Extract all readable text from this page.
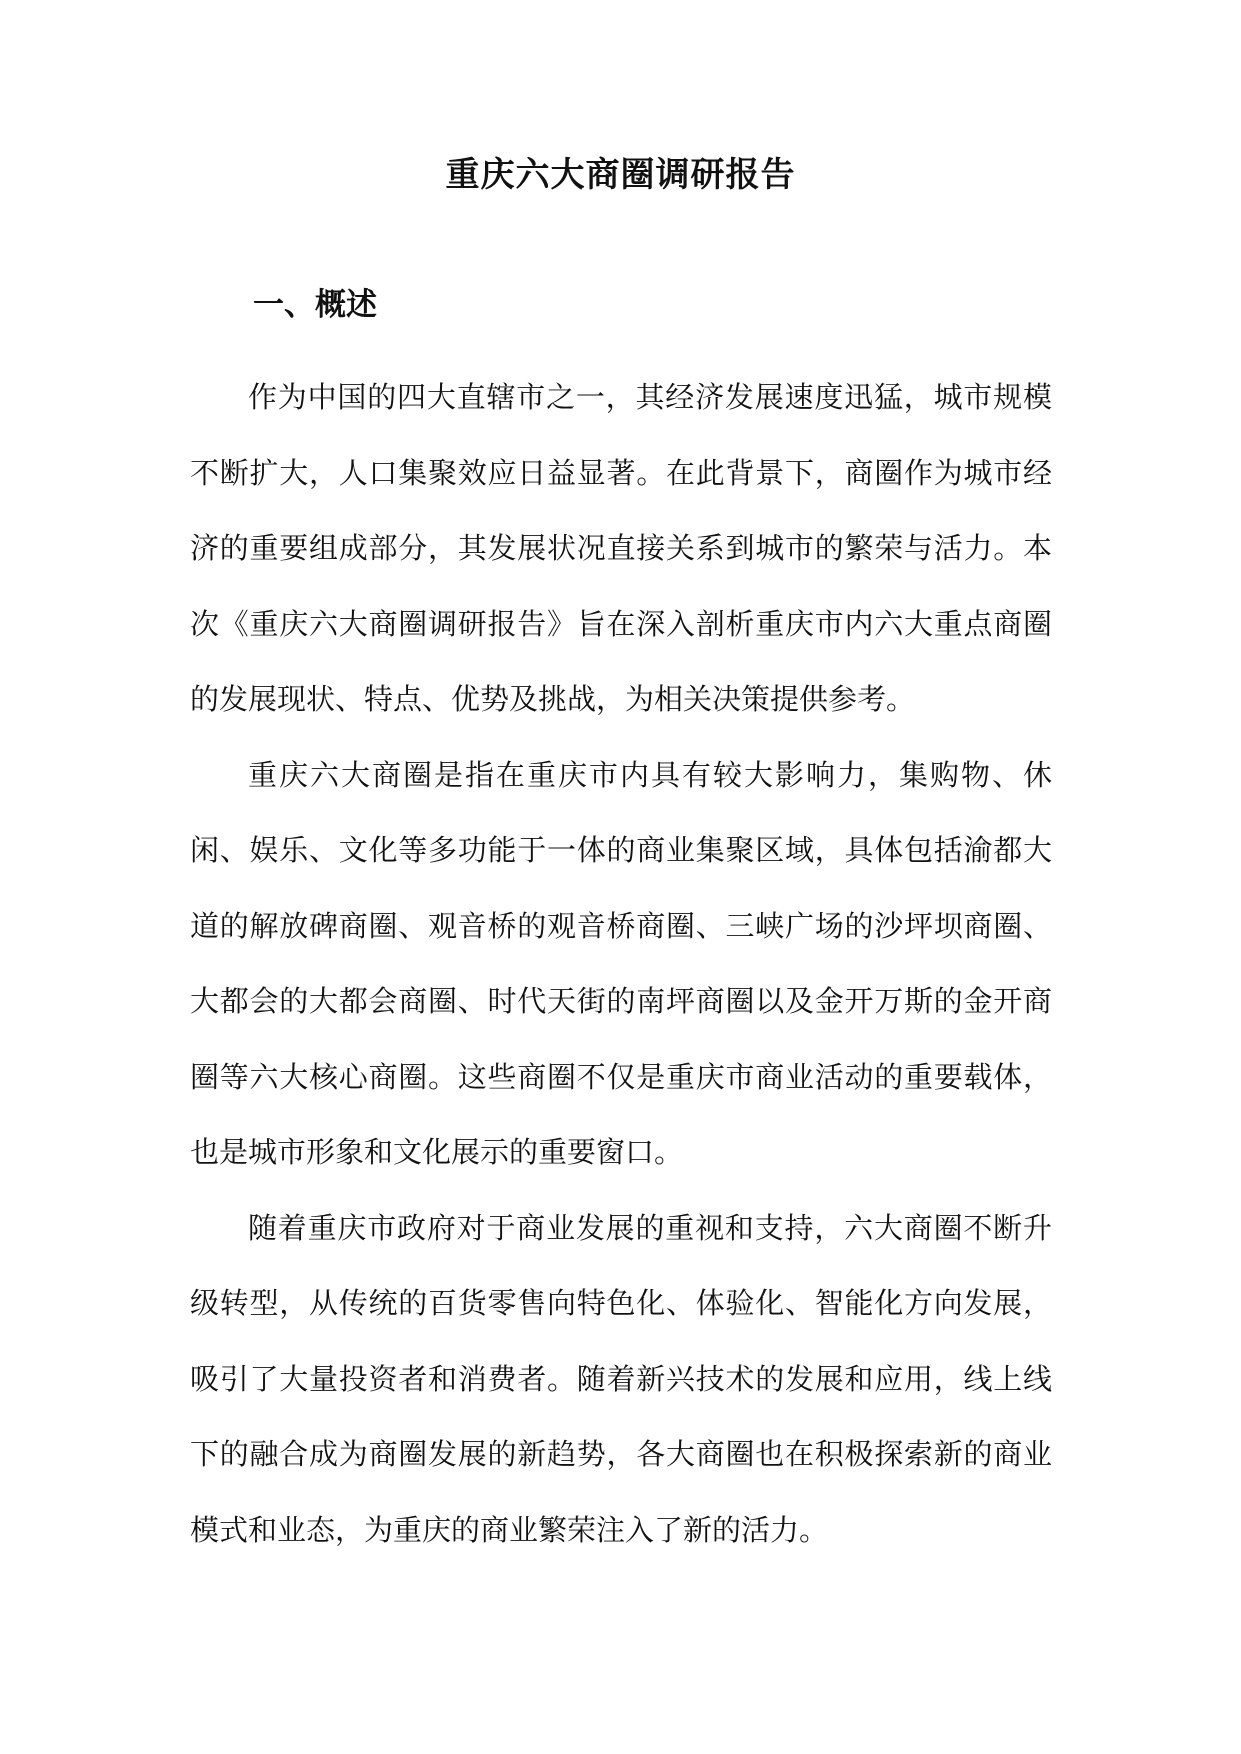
重庆六大商圈调研报告
一、概述

作为中国的四大直辖市之一，其经济发展速度迅猛，城市规模不断扩大，人口集聚效应日益显著。在此背景下，商圈作为城市经济的重要组成部分，其发展状况直接关系到城市的繁荣与活力。本次《重庆六大商圈调研报告》旨在深入剖析重庆市内六大重点商圈的发展现状、特点、优势及挑战，为相关决策提供参考。

重庆六大商圈是指在重庆市内具有较大影响力，集购物、休闲、娱乐、文化等多功能于一体的商业集聚区域，具体包括渝都大道的解放碑商圈、观音桥的观音桥商圈、三峡广场的沙坪坝商圈、大都会的大都会商圈、时代天街的南坪商圈以及金开万斯的金开商圈等六大核心商圈。这些商圈不仅是重庆市商业活动的重要载体，也是城市形象和文化展示的重要窗口。

随着重庆市政府对于商业发展的重视和支持，六大商圈不断升级转型，从传统的百货零售向特色化、体验化、智能化方向发展，吸引了大量投资者和消费者。随着新兴技术的发展和应用，线上线下的融合成为商圈发展的新趋势，各大商圈也在积极探索新的商业模式和业态，为重庆的商业繁荣注入了新的活力。
